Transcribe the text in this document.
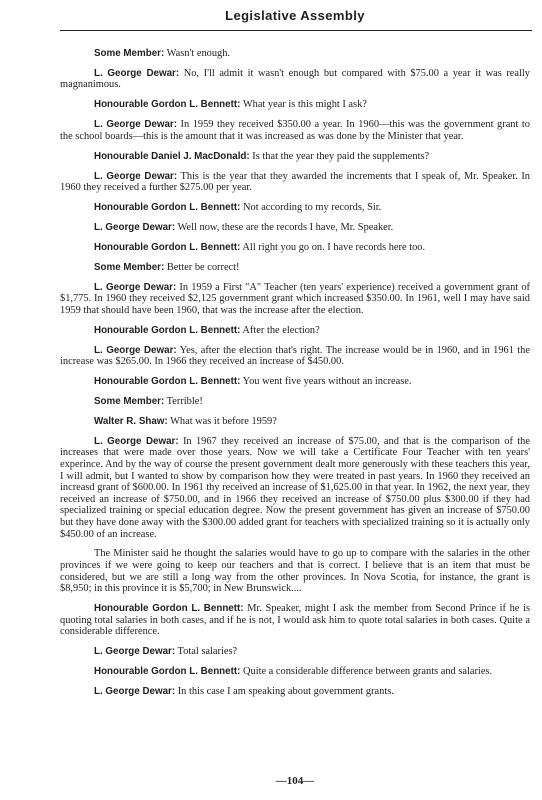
Legislative Assembly

Some Member: Wasn't enough.

L. George Dewar: No, I'll admit it wasn't enough but compared with $75.00 a year it was really magnanimous.

Honourable Gordon L. Bennett: What year is this might I ask?

L. George Dewar: In 1959 they received $350.00 a year. In 1960—this was the government grant to the school boards—this is the amount that it was increased as was done by the Minister that year.

Honourable Daniel J. MacDonald: Is that the year they paid the supplements?

L. George Dewar: This is the year that they awarded the increments that I speak of, Mr. Speaker. In 1960 they received a further $275.00 per year.

Honourable Gordon L. Bennett: Not according to my records, Sir.

L. George Dewar: Well now, these are the records I have, Mr. Speaker.

Honourable Gordon L. Bennett: All right you go on. I have records here too.

Some Member: Better be correct!

L. George Dewar: In 1959 a First "A" Teacher (ten years' experience) received a government grant of $1,775. In 1960 they received $2,125 government grant which increased $350.00. In 1961, well I may have said 1959 that should have been 1960, that was the increase after the election.

Honourable Gordon L. Bennett: After the election?

L. George Dewar: Yes, after the election that's right. The increase would be in 1960, and in 1961 the increase was $265.00. In 1966 they received an increase of $450.00.

Honourable Gordon L. Bennett: You went five years without an increase.

Some Member: Terrible!

Walter R. Shaw: What was it before 1959?

L. George Dewar: In 1967 they received an increase of $75.00, and that is the comparison of the increases that were made over those years. Now we will take a Certificate Four Teacher with ten years' experince. And by the way of course the present government dealt more generously with these teachers this year, I will admit, but I wanted to show by comparison how they were treated in past years. In 1960 they received an increasd grant of $600.00. In 1961 thy received an increase of $1,625.00 in that year. In 1962, the next year, they received an increase of $750.00, and in 1966 they received an increase of $750.00 plus $300.00 if they had specialized training or special education degree. Now the present government has given an increase of $750.00 but they have done away with the $300.00 added grant for teachers with specialized training so it is actually only $450.00 of an increase.

The Minister said he thought the salaries would have to go up to compare with the salaries in the other provinces if we were going to keep our teachers and that is correct. I believe that is an item that must be considered, but we are still a long way from the other provinces. In Nova Scotia, for instance, the grant is $8,950; in this province it is $5,700; in New Brunswick....

Honourable Gordon L. Bennett: Mr. Speaker, might I ask the member from Second Prince if he is quoting total salaries in both cases, and if he is not, I would ask him to quote total salaries in both cases. Quite a considerable difference.

L. George Dewar: Total salaries?

Honourable Gordon L. Bennett: Quite a considerable difference between grants and salaries.

L. George Dewar: In this case I am speaking about government grants.

—104—
